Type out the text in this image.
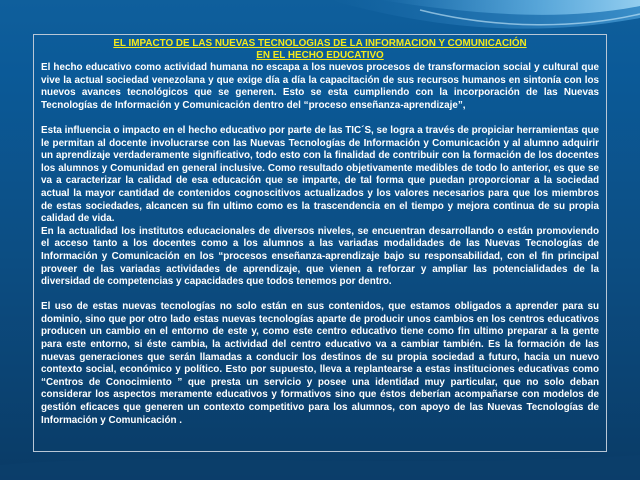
EL IMPACTO DE LAS NUEVAS TECNOLOGIAS DE LA INFORMACION Y COMUNICACIÓN
EN EL HECHO EDUCATIVO

El hecho educativo como actividad humana no escapa a los nuevos procesos de transformacion social y cultural que vive la actual sociedad venezolana y que exige día a día la capacitación de sus recursos humanos en sintonía con los nuevos avances tecnológicos que se generen. Esto se esta cumpliendo con la incorporación de las Nuevas Tecnologías de Información y Comunicación dentro del “proceso enseñanza-aprendizaje”,

Esta influencia o impacto en el hecho educativo por parte de las TIC´S, se logra a través de propiciar herramientas que le permitan al docente involucrarse con las Nuevas Tecnologías de Información y Comunicación y al alumno adquirir un aprendizaje verdaderamente significativo, todo esto con la finalidad de contribuir con la formación de los docentes los alumnos y Comunidad en general inclusive. Como resultado objetivamente medibles de todo lo anterior, es que se va a caracterizar la calidad de esa educación que se imparte, de tal forma que puedan proporcionar a la sociedad actual la mayor cantidad de contenidos cognoscitivos actualizados y los valores necesarios para que los miembros de estas sociedades, alcancen su fin ultimo como es la trascendencia en el tiempo y mejora continua de su propia calidad de vida.

En la actualidad los institutos educacionales de diversos niveles, se encuentran desarrollando o están promoviendo el acceso tanto a los docentes como a los alumnos a las variadas modalidades de las Nuevas Tecnologías de Información y Comunicación en los “procesos enseñanza-aprendizaje bajo su responsabilidad, con el fin principal proveer de las variadas actividades de aprendizaje, que vienen a reforzar y ampliar las potencialidades de la diversidad de competencias y capacidades que todos tenemos por dentro.

El uso de estas nuevas tecnologías no solo están en sus contenidos, que estamos obligados a aprender para su dominio, sino que por otro lado estas nuevas tecnologías aparte de producir unos cambios en los centros educativos producen un cambio en el entorno de este y, como este centro educativo tiene como fin ultimo preparar a la gente para este entorno, si éste cambia, la actividad del centro educativo va a cambiar también. Es la formación de las nuevas generaciones que serán llamadas a conducir los destinos de su propia sociedad a futuro, hacia un nuevo contexto social, económico y político. Esto por supuesto, lleva a replantearse a estas instituciones educativas como “Centros de Conocimiento ” que presta un servicio y posee una identidad muy particular, que no solo deban considerar los aspectos meramente educativos y formativos sino que éstos deberían acompañarse con modelos de gestión eficaces que generen un contexto competitivo para los alumnos, con apoyo de las Nuevas Tecnologías de Información y Comunicación .
